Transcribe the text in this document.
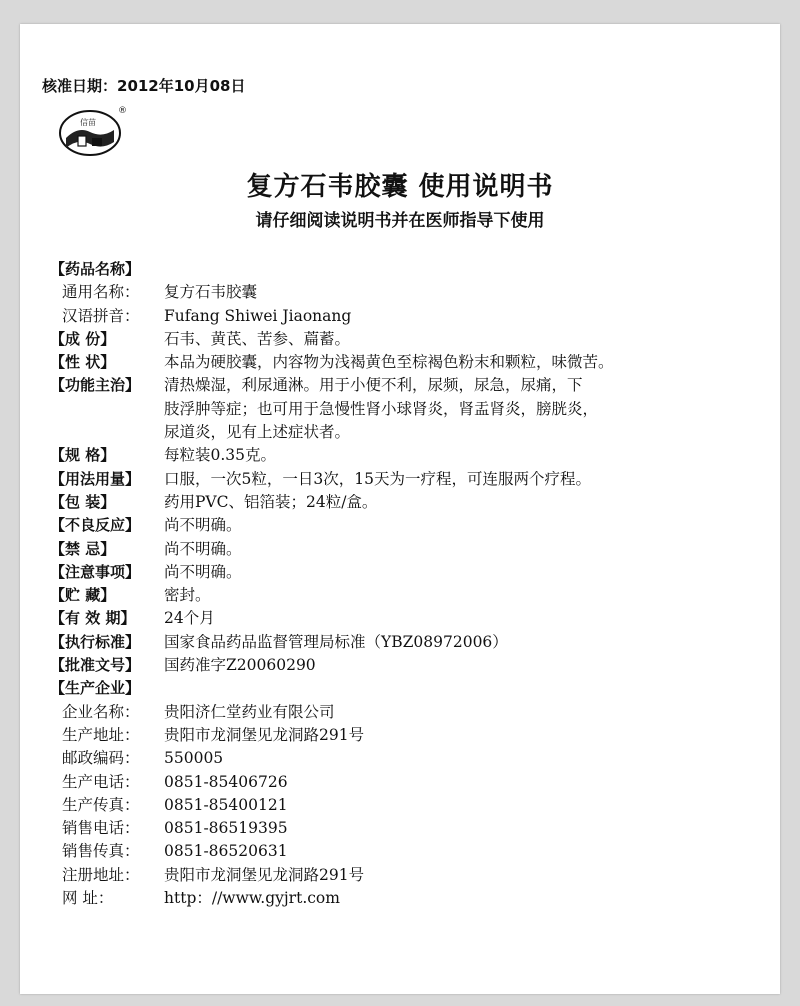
核准日期：2012年10月08日
信苗
®
复方石韦胶囊 使用说明书
请仔细阅读说明书并在医师指导下使用
【药品名称】
通用名称：	复方石韦胶囊
汉语拼音：	Fufang Shiwei Jiaonang
【成 份】	石韦、黄芪、苦参、萹蓄。
【性 状】	本品为硬胶囊，内容物为浅褐黄色至棕褐色粉末和颗粒，味微苦。
【功能主治】	清热燥湿，利尿通淋。用于小便不利，尿频，尿急，尿痛，下
肢浮肿等症；也可用于急慢性肾小球肾炎，肾盂肾炎，膀胱炎，
尿道炎，见有上述症状者。
【规 格】	每粒装0.35克。
【用法用量】	口服，一次5粒，一日3次，15天为一疗程，可连服两个疗程。
【包 装】	药用PVC、铝箔装；24粒/盒。
【不良反应】	尚不明确。
【禁 忌】	尚不明确。
【注意事项】	尚不明确。
【贮 藏】	密封。
【有 效 期】	24个月
【执行标准】	国家食品药品监督管理局标准（YBZ08972006）
【批准文号】	国药准字Z20060290
【生产企业】
企业名称：	贵阳济仁堂药业有限公司
生产地址：	贵阳市龙洞堡见龙洞路291号
邮政编码：	550005
生产电话：	0851-85406726
生产传真：	0851-85400121
销售电话：	0851-86519395
销售传真：	0851-86520631
注册地址：	贵阳市龙洞堡见龙洞路291号
网 址：	http：//www.gyjrt.com
